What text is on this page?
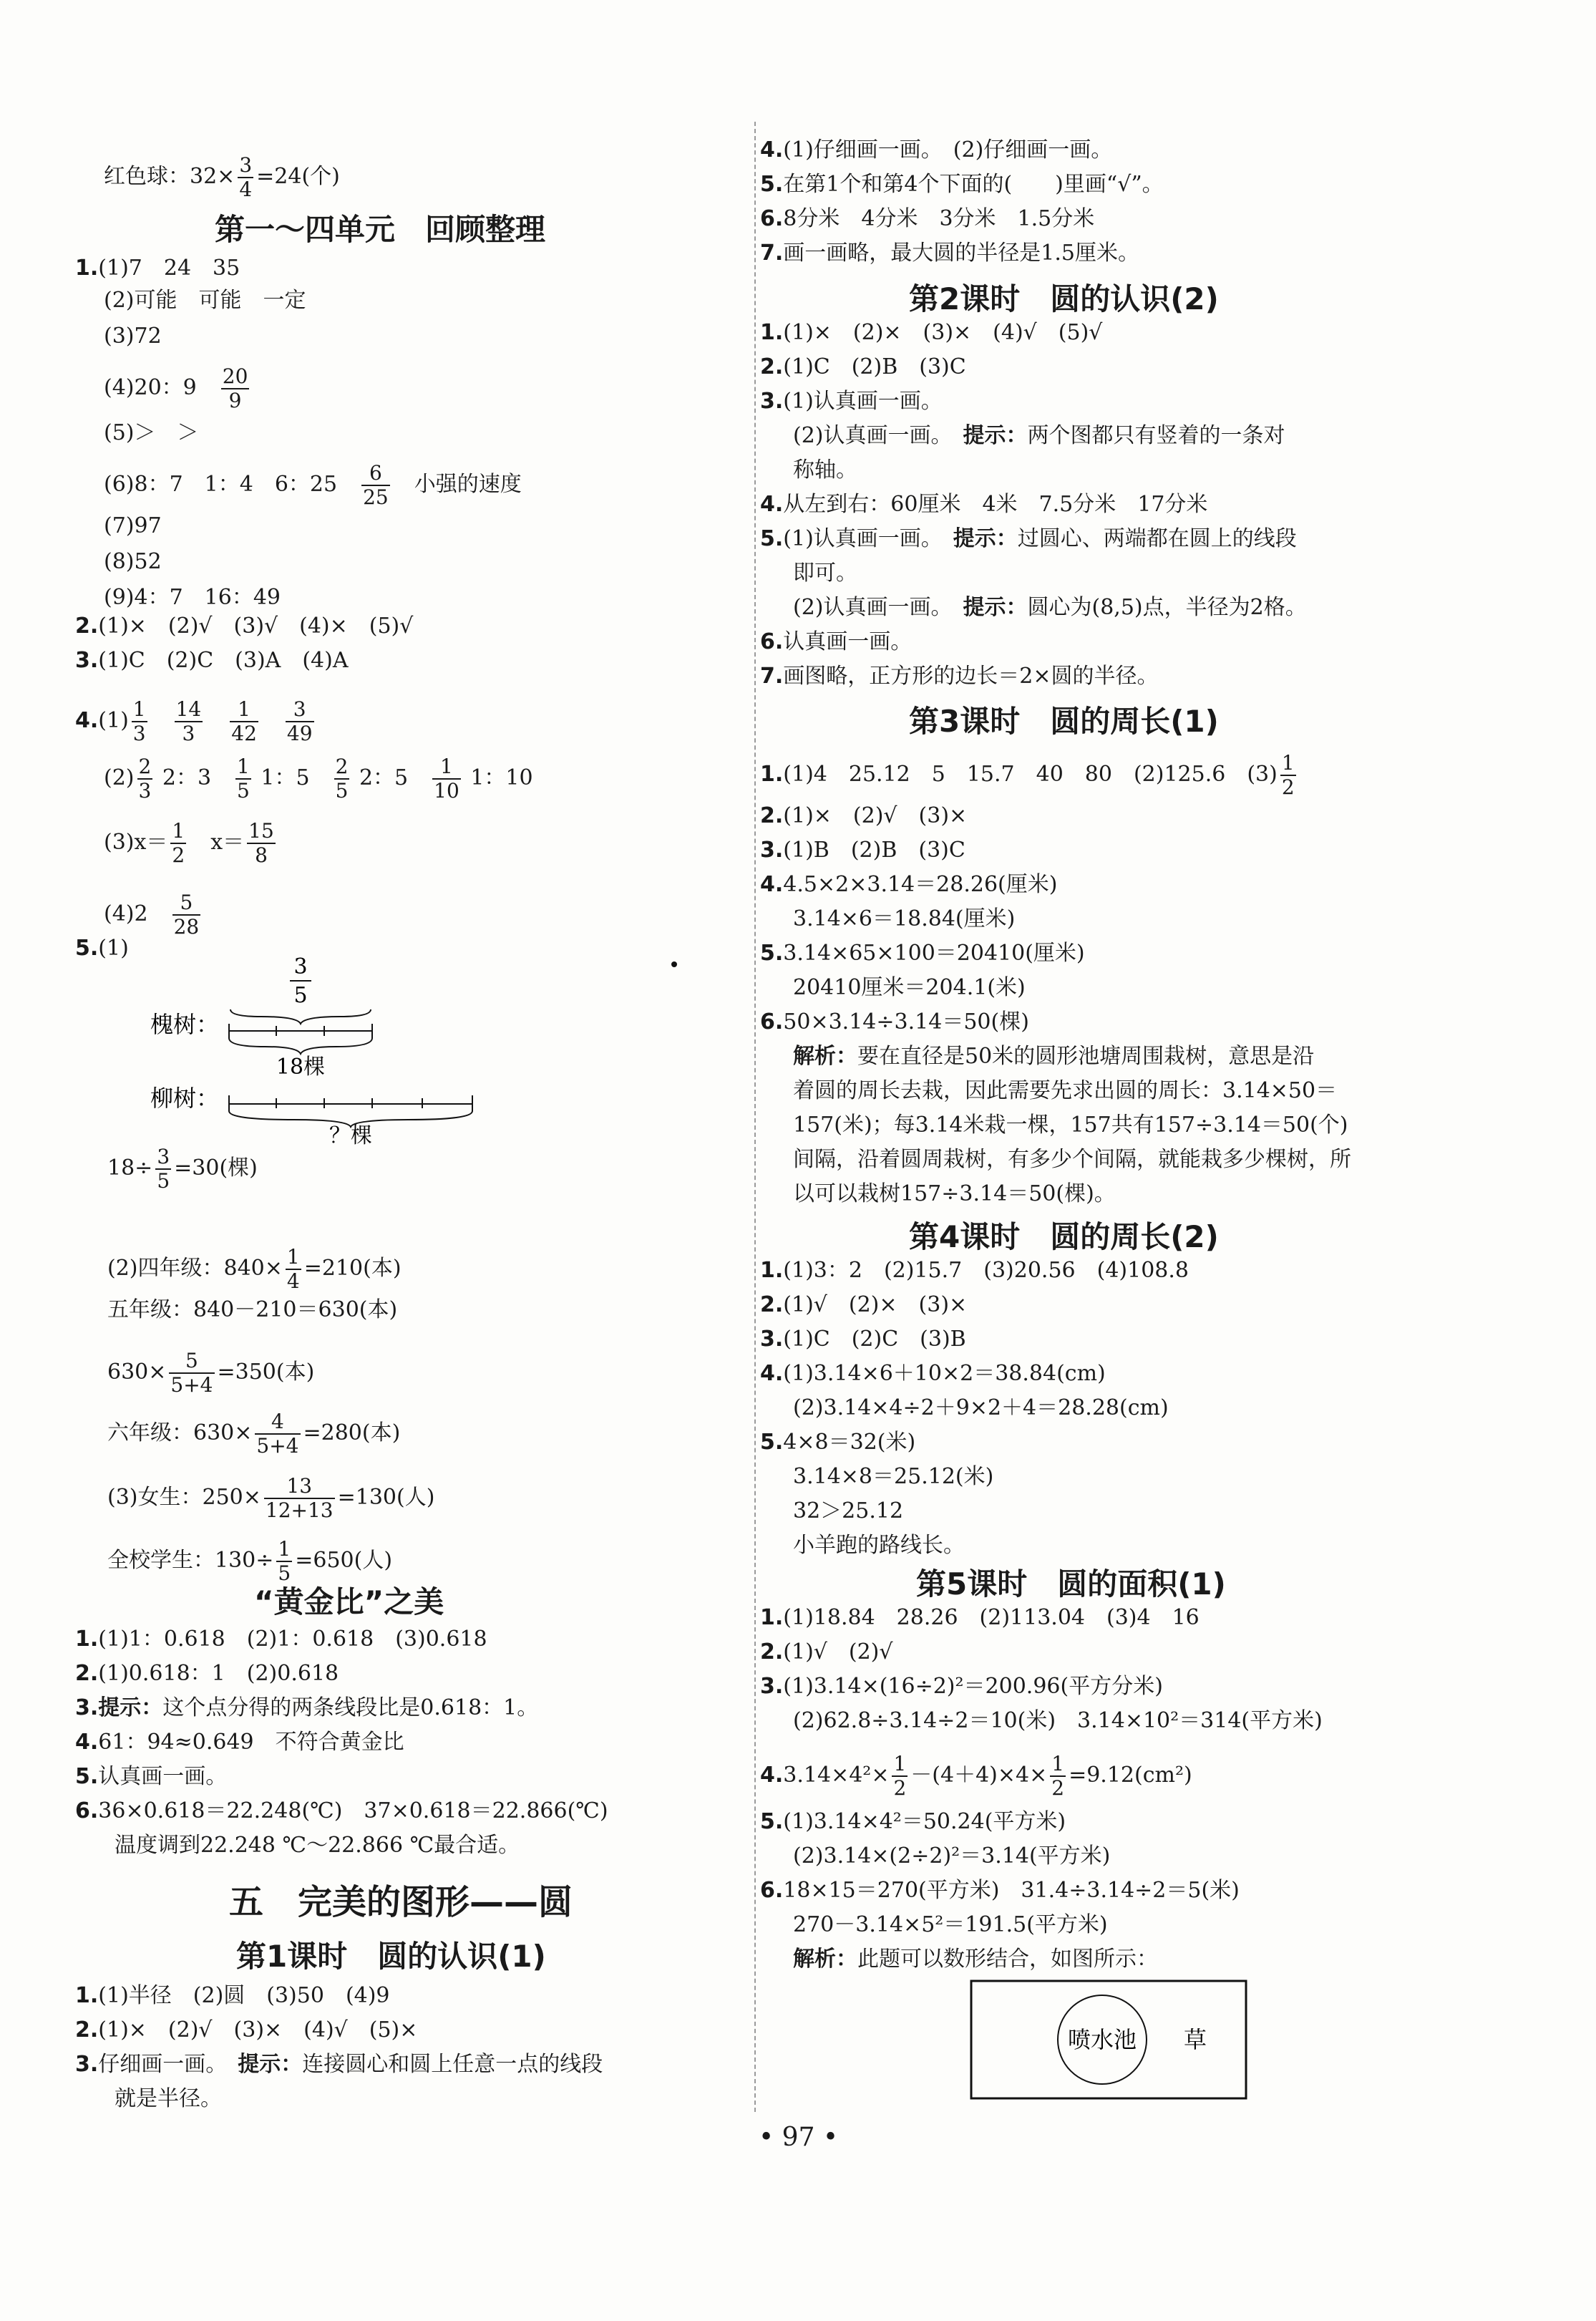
红色球：$32\times \frac{3}{4} =24$(个)
第一～四单元　回顾整理
1.(1)7　24　35
(2)可能　可能　一定
(3)72
(4)20：9　 $\frac{20}{9}$
(5)＞　＞
(6)8：7　1：4　6：25　 $\frac{6}{25}$ 　小强的速度
(7)97
(8)52
(9)4：7　16：49
2.(1)×　(2)√　(3)√　(4)×　(5)√
3.(1)C　(2)C　(3)A　(4)A
$4.(1) \frac{1}{3}$
　 $\frac{14}{3}$
　 $\frac{1}{42}$
　 $\frac{3}{49}$

$(2) \frac{2}{3} 2$：3　 $\frac{1}{5} 1$：5　 $\frac{2}{5} 2$：5　 $\frac{1}{10} 1$：10　
$(3)x= \frac{1}{2}$ 　$x= \frac{15}{8}$
(4)2　 $\frac{5}{28}$
5.(1)
$18\div \frac{3}{5} =30$(棵)
(2)四年级：$840\times \frac{1}{4} =210$(本)
五年级：840－210＝630(本)
$630\times \frac{5}{5+4} =350$(本)
六年级：$630\times \frac{4}{5+4} =280$(本)
(3)女生：$250\times \frac{13}{12+13} =130$(人)
全校学生：$130\div \frac{1}{5} =650$(人)
“黄金比”之美
1.(1)1：0.618　(2)1：0.618　(3)0.618
2.(1)0.618：1　(2)0.618
3.提示：这个点分得的两条线段比是0.618：1。
4.61：94≈0.649　不符合黄金比
5.认真画一画。
6.36×0.618＝22.248(℃)　37×0.618＝22.866(℃)
温度调到22.248 ℃～22.866 ℃最合适。
五　完美的图形——圆
第1课时　圆的认识(1)
1.(1)半径　(2)圆　(3)50　(4)9
2.(1)×　(2)√　(3)×　(4)√　(5)×
3.仔细画一画。　提示：连接圆心和圆上任意一点的线段
就是半径。
4.(1)仔细画一画。　(2)仔细画一画。
5.在第1个和第4个下面的(　　)里画“√”。
6.8分米　4分米　3分米　1.5分米
7.画一画略，最大圆的半径是1.5厘米。
第2课时　圆的认识(2)
1.(1)×　(2)×　(3)×　(4)√　(5)√
2.(1)C　(2)B　(3)C
3.(1)认真画一画。
(2)认真画一画。　提示：两个图都只有竖着的一条对
称轴。
4.从左到右：60厘米　4米　7.5分米　17分米
5.(1)认真画一画。　提示：过圆心、两端都在圆上的线段
即可。
(2)认真画一画。　提示：圆心为(8,5)点，半径为2格。
6.认真画一画。
7.画图略，正方形的边长＝2×圆的半径。
第3课时　圆的周长(1)
1.(1)4　25.12　5　15.7　40　80　(2)125.6　$(3) \frac{1}{2}$
2.(1)×　(2)√　(3)×
3.(1)B　(2)B　(3)C
4.4.5×2×3.14＝28.26(厘米)
3.14×6＝18.84(厘米)
5.3.14×65×100＝20410(厘米)
20410厘米＝204.1(米)
6.50×3.14÷3.14＝50(棵)
解析：要在直径是50米的圆形池塘周围栽树，意思是沿
着圆的周长去栽，因此需要先求出圆的周长：3.14×50＝
157(米)；每3.14米栽一棵，157共有157÷3.14＝50(个)
间隔，沿着圆周栽树，有多少个间隔，就能栽多少棵树，所
以可以栽树157÷3.14＝50(棵)。
第4课时　圆的周长(2)
1.(1)3：2　(2)15.7　(3)20.56　(4)108.8
2.(1)√　(2)×　(3)×
3.(1)C　(2)C　(3)B
4.(1)3.14×6＋10×2＝38.84(cm)
(2)3.14×4÷2＋9×2＋4＝28.28(cm)
5.4×8＝32(米)
3.14×8＝25.12(米)
32＞25.12
小羊跑的路线长。
第5课时　圆的面积(1)
1.(1)18.84　28.26　(2)113.04　(3)4　16
2.(1)√　(2)√
3.(1)3.14×(16÷2)²＝200.96(平方分米)
(2)62.8÷3.14÷2＝10(米)　3.14×10²＝314(平方米)
$4.3.14\times 4^2\times \frac{1}{2} -(4+4)\times 4\times \frac{1}{2} =9.12(cm^2)$
5.(1)3.14×4²＝50.24(平方米)
(2)3.14×(2÷2)²＝3.14(平方米)
6.18×15＝270(平方米)　31.4÷3.14÷2＝5(米)
270－3.14×5²＝191.5(平方米)
解析：此题可以数形结合，如图所示：
3
5
槐树：
18棵
柳树：
？棵
喷水池 草
• 97 •
